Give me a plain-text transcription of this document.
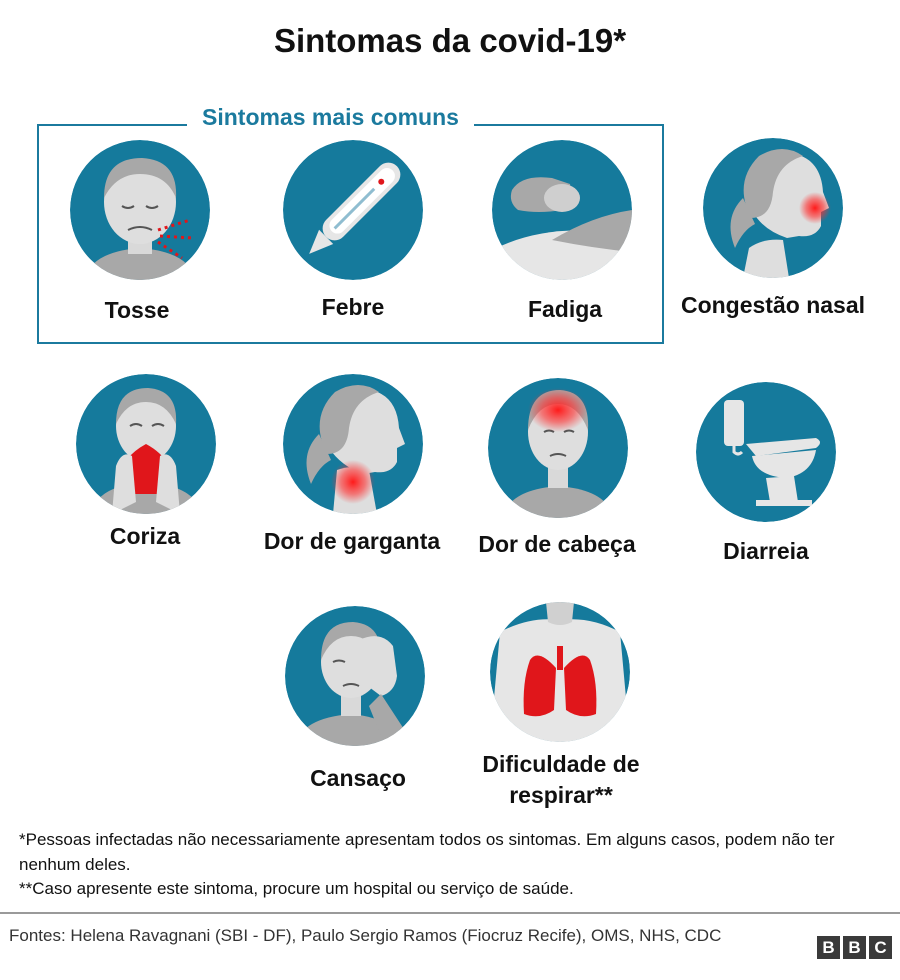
Sintomas da covid-19*
Sintomas mais comuns
Tosse	Febre	Fadiga	Congestão nasal
Coriza	Dor de garganta	Dor de cabeça	Diarreia
Cansaço
Dificuldade de respirar**
*Pessoas infectadas não necessariamente apresentam todos os sintomas. Em alguns casos, podem não ter nenhum deles.
**Caso apresente este sintoma, procure um hospital ou serviço de saúde.
Fontes: Helena Ravagnani (SBI - DF), Paulo Sergio Ramos (Fiocruz Recife), OMS, NHS, CDC
B B C
